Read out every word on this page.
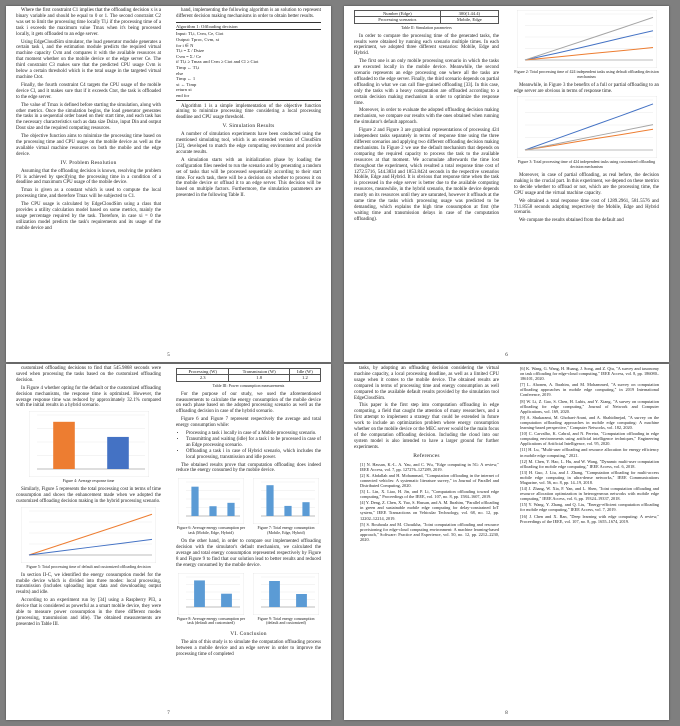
Where the first constraint C1 implies that the offloading decision x is a binary variable and should be equal to 0 or 1. The second constraint C2 was set to limit the processing time locally Tl,i if the processing time of a task i exceeds the maximum value Tmax when it's being processed locally, it gets offloaded to an edge server.

Using EdgeCloudSim simulator, the load generator module generates a certain task i, and the estimation module predicts the required virtual machine capacity Cvm and compares it with the available resources at that moment whether on the mobile device or the edge server Ce. The third constraint C3 makes sure that the predicted CPU usage Cvm is below a certain threshold which is the total usage in the targeted virtual machine Ctot.

Finally, the fourth constraint C4 targets the CPU usage of the mobile device Cl, and it makes sure that if it exceeds Ctot, the task is offloaded to the edge server.

The value of Tmax is defined before starting the simulation, along with other metrics. Once the simulation begins, the load generator generates the tasks in a sequential order based on their start time, and each task has the necessary characteristics such as data size Dsize, input Din and output Dout size and the required computing resources.

The objective function aims to minimize the processing time based on the processing time and CPU usage on the mobile device as well as the available virtual machine resources on both the mobile and the edge device.

IV. Problem Resolution

Assuming that the offloading decision is known, resolving the problem P1 is achieved by specifying the processing time in a condition of a deadline and maximum CPU usage of the mobile device.

Tmax is given as a constant which is used to compute the local processing time, and therefore Tmax will be subjected to C1.

The CPU usage is calculated by EdgeCloudSim using a class that provides a utility calculation model based on some metrics, mainly the usage percentage required by the task. Therefore, in case xi = 0 the utilization model predicts the task's requirements and its usage of the mobile device and

hand, implementing the following algorithm is an solution to represent different decision making mechanisms in order to obtain better results.

Algorithm 1: Offloading decision
Input: Tl,i, Cvm, Ce, Ctot
Output: Tproc, Cvm, xi
for i ∈ N
Tl,i = Σ / Dsize
Cvm = Σ / Ce
if Tl,i ≥ Tmax and Cvm ≥ Ctot and Cl ≥ Ctot
Ttmp ← Tl,i
else
Ttmp ← 1
xi ← Ttmp
return xi
end for

Algorithm 1 is a simple implementation of the objective function aiming to minimize processing time considering a local processing deadline and CPU usage threshold.

V. Simulation Results

A number of simulation experiments have been conducted using the mentioned simulating tool, which is an extended version of CloudSim [32], developed to match the edge computing environment and provide accurate results.

A simulation starts with an initialization phase by loading the configuration files needed to run the scenario and by generating a random set of tasks that will be processed sequentially according to their start time. For each task, there will be a decision on whether to process it on the mobile device or offload it to an edge server. This decision will be based on multiple factors. Furthermore, the simulation parameters are presented in the following Table II.

5
Number (Edge)	300(1.44.4)
Processing scenarios	Mobile, Edge
Table II: Simulation parameters

In order to compare the processing time of the generated tasks, the results were obtained by running each scenario multiple times. In each experiment, we adopted three different scenarios: Mobile, Edge and Hybrid.

The first one is an only mobile processing scenario in which the tasks are executed locally in the mobile device. Meanwhile, the second scenario represents an edge processing one where all the tasks are offloaded to the edge server. Finally, the third scenario depends on partial offloading in what we can call fine-grained offloading [33]. In this case, only the tasks with a heavy computation are offloaded according to a certain decision making mechanism in order to optimize the response time.

Moreover, in order to evaluate the adopted offloading decision making mechanism, we compare our results with the ones obtained when running the simulator's default approach.

Figure 2 and Figure 3 are graphical representations of processing 424 independent tasks separately in terms of response time using the three different scenarios and applying two different offloading decision making mechanisms. In Figure 2 we use the default mechanism that depends on comparing the required capacity to process the task to the available resources at that moment. We accumulate afterwards the time lost throughout the experiment, which resulted a total response time cost of 1272.5716, 544.3834 and 1853.8424 seconds in the respective scenarios Mobile, Edge and Hybrid. It is obvious that response time when the task is processed in the edge server is better due to the available computing resources, meanwhile, in the hybrid scenario, the mobile device depends mostly on its resources until they are saturated, however it offloads at the same time the tasks which processing usage was predicted to be demanding, which explains the high time consumption at first (the waiting time and transmission delays in case of the computation offloading).

Figure 2: Total processing time of 424 independent tasks using default offloading decision mechanism

Meanwhile, in Figure 3 the benefits of a full or partial offloading to an edge server are obvious in terms of response time.

Figure 3: Total processing time of 424 independent tasks using customized offloading decision mechanism

Moreover, in case of partial offloading, as real before, the decision making is the crucial part. In this experiment, we depend on these metrics to decide whether to offload or not, which are the processing time, the CPU usage and the virtual machine capacity.

We obtained a total response time cost of 1289.2961, 581.5576 and 711.8558 seconds adopting respectively the Mobile, Edge and Hybrid scenario.

We compare the results obtained from the default and

6

customized offloading decisions to find that 545.9868 seconds were saved when processing the tasks based on the customized offloading decision.

In Figure 4 whether opting for the default or the customized offloading decision mechanisms, the response time is optimized. However, the average response time was reduced by approximately 32.1% compared with the initial results in a hybrid scenario.

Figure 4: Average response time

Similarly, Figure 5 represents the total processing cost in terms of time consumption and shows the enhancement made when we adopted the customized offloading decision making in the hybrid processing scenario.

Figure 5: Total processing time of default and customized offloading decision

In section II-C, we identified the energy consumption model for the mobile device which is divided into three modes: local processing, transmission (includes uploading input data and downloading output results) and idle.

According to an experiment run by [34] using a Raspberry PI3, a device that is considered as powerful as a smart mobile device, they were able to measure power consumption in the three different modes (processing, transmission and idle). The obtained measurements are presented in Table III.

Processing (W)	Transmission (W)	Idle (W)
2.3	1.8	1.2
Table III: Power consumption measurements

For the purpose of our study, we used the aforementioned measurements to calculate the energy consumption of the mobile device on each phase based on the adopted processing scenario as well as the offloading decision in case of the hybrid scenario.

Figure 6 and Figure 7 represent respectively the average and total energy consumption while:

• Processing a task i locally in case of a Mobile processing scenario.
• Transmitting and waiting (idle) for a task i to be processed in case of an Edge processing scenario.
• Offloading a task i in case of Hybrid scenario, which includes the local processing, transmission and idle power.

The obtained results prove that computation offloading does indeed reduce the energy consumed by the mobile device.

Figure 6: Average energy consumption per task (Mobile, Edge, Hybrid)
Figure 7: Total energy consumption (Mobile, Edge, Hybrid)

On the other hand, in order to compare our implemented offloading decision with the simulator's default mechanism, we calculated the average and total energy consumption represented respectively by Figure 8 and Figure 9 to find that our solution lead to better results and reduced the energy consumed by the mobile device.

Figure 8: Average energy consumption per task (default and customized)
Figure 9: Total energy consumption (default and customized)
VI. Conclusion

The aim of this study is to simulate the computation offloading process between a mobile device and an edge server in order to improve the processing time of completed

7

tasks, by adopting an offloading decision considering the virtual machine capacity, a local processing deadline, as well as a limited CPU usage when it comes to the mobile device. The obtained results are compared in terms of processing time and energy consumption as well compared to the available default results provided by the simulation tool EdgeCloudSim.

This paper is the first step into computation offloading in edge computing, a field that caught the attention of many researchers, and a first attempt to implement a strategy that could be extended in future work to include an optimization problem where energy consumption whether on the mobile device or the MEC server would be the main focus of the computation offloading decision. Including the cloud into our system model is also intended to have a larger ground for further experiments.

References

[1] N. Hassan, K.-L. A. Yau, and C. Wu, "Edge computing in 5G: A review," IEEE Access, vol. 7, pp. 127276–127289, 2019.

[2] K. Abdallah and H. Mohammad, "Computation offloading in the internet of connected vehicles: A systematic literature survey," in Journal of Parallel and Distributed Computing, 2020.

[3] L. Lin, X. Liao, H. Jin, and P. Li, "Computation offloading toward edge computing," Proceedings of the IEEE, vol. 107, no. 8, pp. 1584–1607, 2019.

[4] Y. Deng, Z. Chen, X. Yao, S. Hassan, and A. M. Ibrahim, "Parallel offloading in green and sustainable mobile edge computing for delay-constrained IoT system," IEEE Transactions on Vehicular Technology, vol. 68, no. 12, pp. 12202–12214, 2019.

[5] S. Bouhoula and M. Chouikha, "Joint computation offloading and resource provisioning for edge-cloud computing environment: A machine learning-based approach," Software: Practice and Experience, vol. 50, no. 12, pp. 2212–2230, 2020.

[6] K. Wang, G. Wang, H. Huang, J. Song, and Z. Qiu, "A survey and taxonomy on task offloading for edge-cloud computing," IEEE Access, vol. 8, pp. 186080–186101, 2020.

[7] L. Ahonen, A. Ibrahim, and M. Mohammed, "A survey on computation offloading approaches in mobile edge computing," in 2019 International Conference, 2019.

[8] W. Li, Z. Gao, S. Chen, H. Lubis, and Y. Xiang, "A survey on computation offloading for edge computing," Journal of Network and Computer Applications, vol. 169, 2020.

[9] A. Shakarami, M. Ghobaei-Arani, and A. Shahidinejad, "A survey on the computation offloading approaches in mobile edge computing: A machine learning-based perspective," Computer Networks, vol. 182, 2020.

[10] C. Carvalho, K. Cabral, and N. Pereira, "Computation offloading in edge computing environments using artificial intelligence techniques," Engineering Applications of Artificial Intelligence, vol. 95, 2020.

[11] H. Lu, "Multi-user offloading and resource allocation for energy efficiency in mobile edge computing," 2021.

[12] M. Chen, Y. Hao, L. Hu, and W. Wang, "Dynamic multi-user computation offloading for mobile edge computing," IEEE Access, vol. 6, 2018.

[13] H. Guo, J. Liu, and J. Zhang, "Computation offloading for multi-access mobile edge computing in ultra-dense networks," IEEE Communications Magazine, vol. 56, no. 8, pp. 14–19, 2018.

[14] J. Zhang, W. Xia, F. Yan, and L. Shen, "Joint computation offloading and resource allocation optimization in heterogeneous networks with mobile edge computing," IEEE Access, vol. 6, pp. 19324–19337, 2018.

[15] Y. Wang, Y. Zhang, and Q. Liu, "Energy-efficient computation offloading for mobile edge computing," IEEE Access, vol. 7, 2019.

[16] J. Chen and X. Ran, "Deep learning with edge computing: A review," Proceedings of the IEEE, vol. 107, no. 8, pp. 1655–1674, 2019.

8
